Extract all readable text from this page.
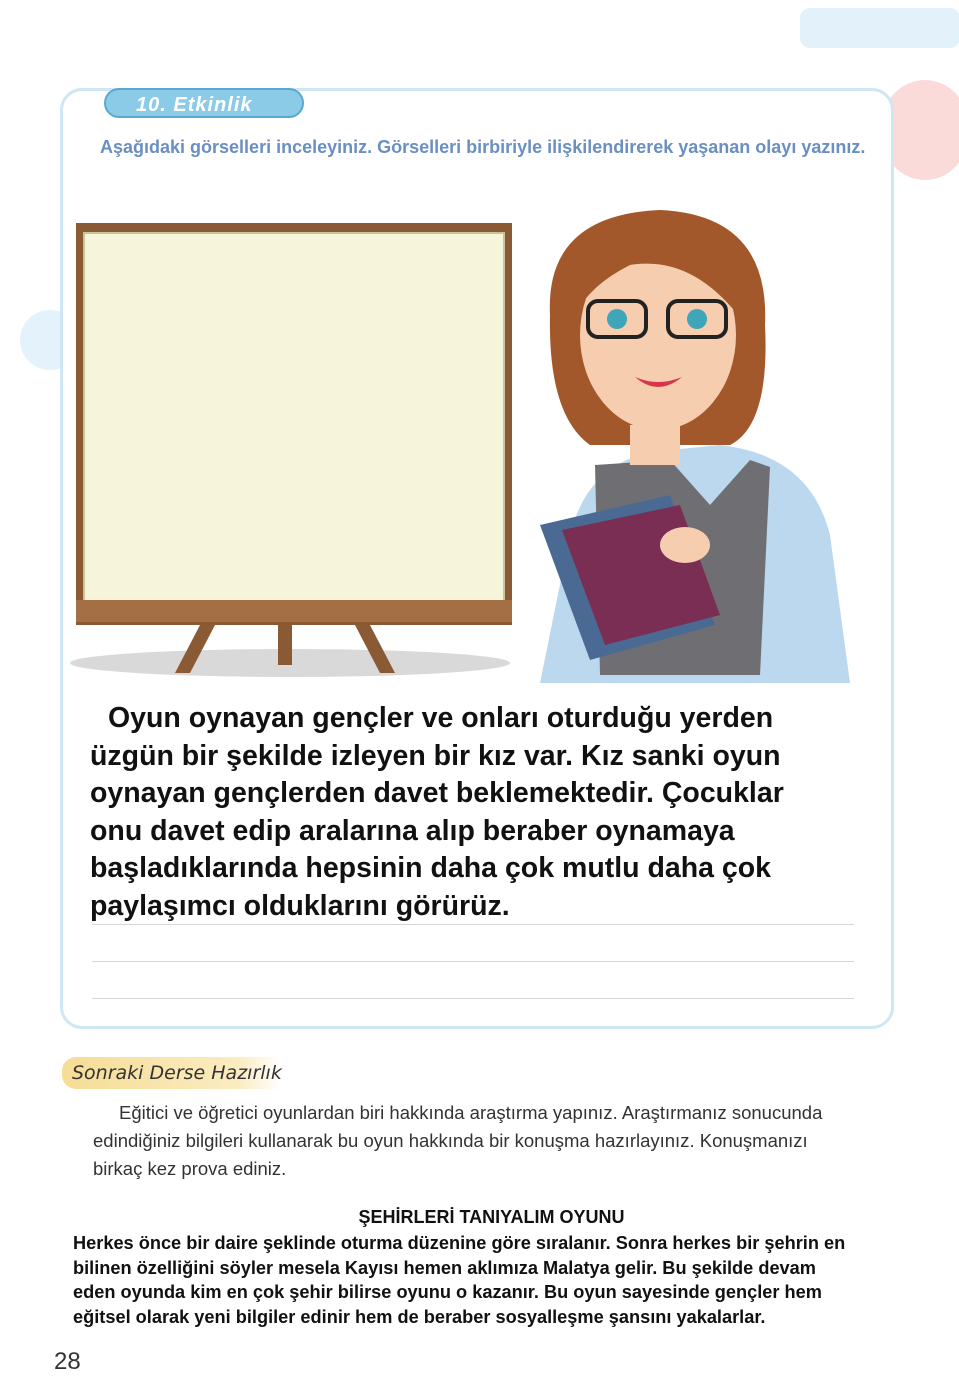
10. Etkinlik
Aşağıdaki görselleri inceleyiniz. Görselleri birbiriyle ilişkilendirerek yaşanan olayı yazınız.
Oyun oynayan gençler ve onları oturduğu yerden
üzgün bir şekilde izleyen bir kız var. Kız sanki oyun
oynayan gençlerden davet beklemektedir. Çocuklar
onu davet edip aralarına alıp beraber oynamaya
başladıklarında hepsinin daha çok mutlu daha çok
paylaşımcı olduklarını görürüz.
Sonraki Derse Hazırlık
Eğitici ve öğretici oyunlardan biri hakkında araştırma yapınız. Araştırmanız sonucunda
edindiğiniz bilgileri kullanarak bu oyun hakkında bir konuşma hazırlayınız. Konuşmanızı
birkaç kez prova ediniz.
ŞEHİRLERİ TANIYALIM OYUNU
Herkes önce bir daire şeklinde oturma düzenine göre sıralanır. Sonra herkes bir şehrin en
bilinen özelliğini söyler mesela Kayısı hemen aklımıza Malatya gelir. Bu şekilde devam
eden oyunda kim en çok şehir bilirse oyunu o kazanır. Bu oyun sayesinde gençler hem
eğitsel olarak yeni bilgiler edinir hem de beraber sosyalleşme şansını yakalarlar.
28
